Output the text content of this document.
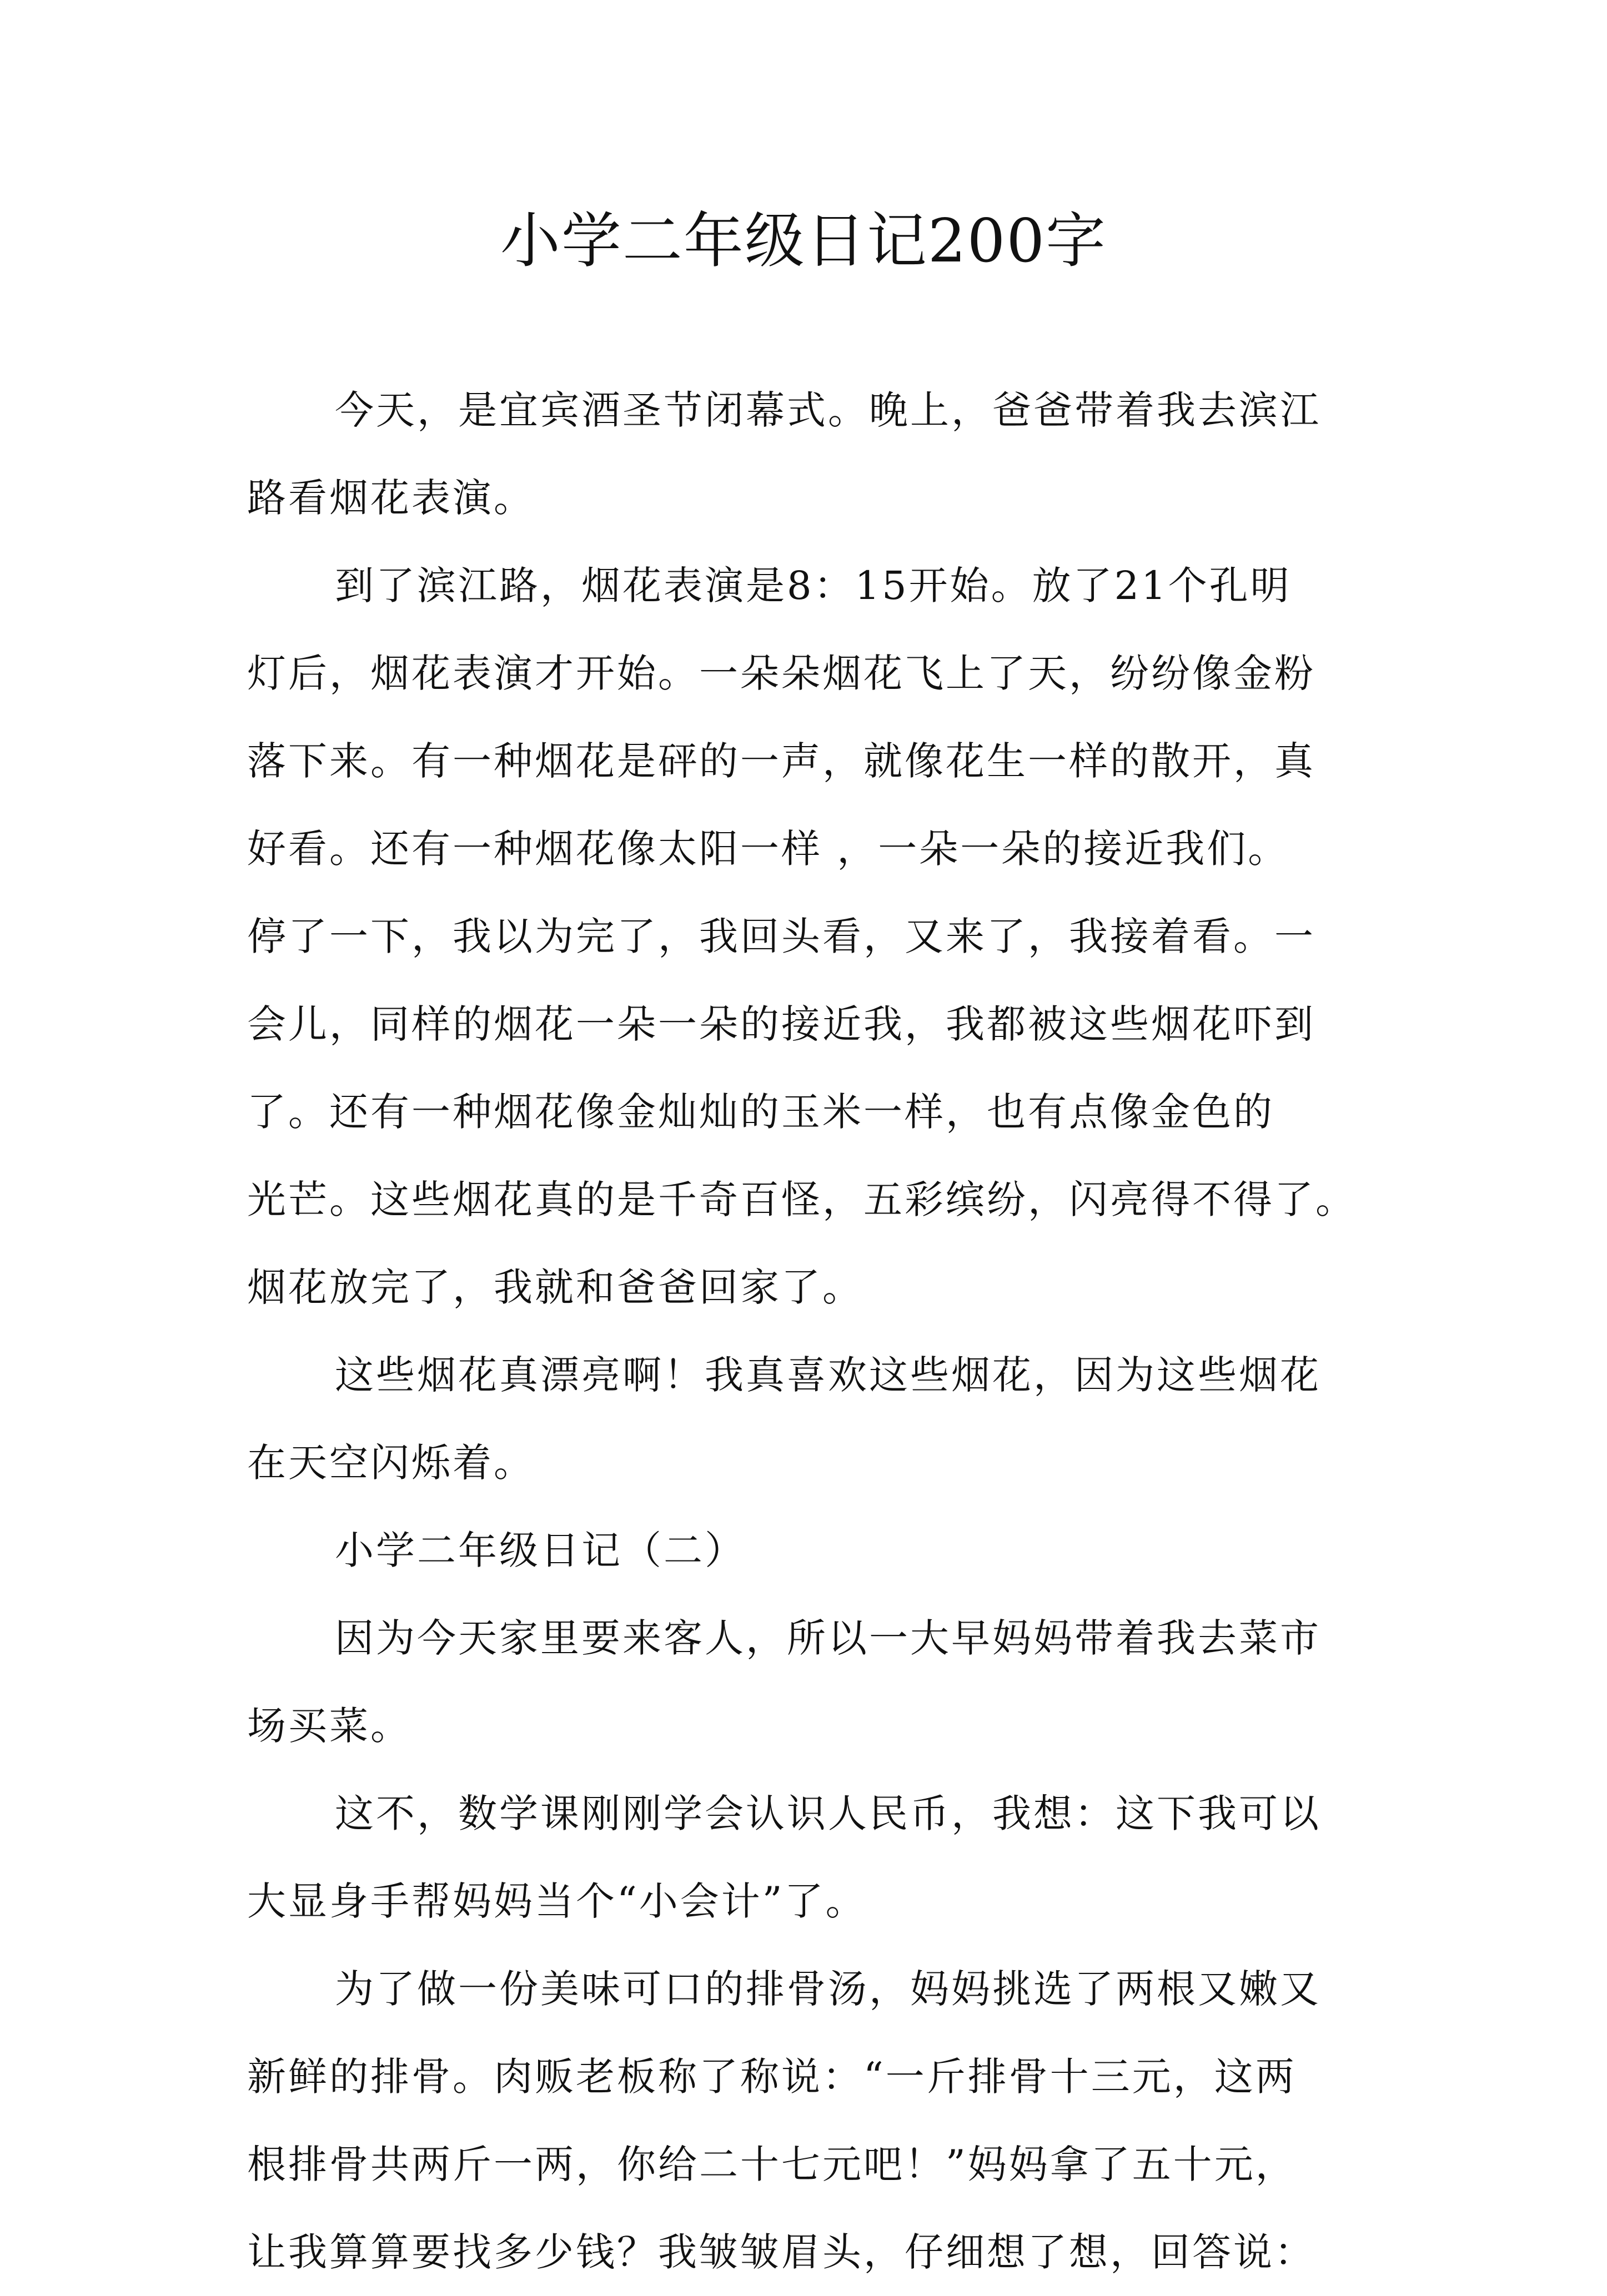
小学二年级日记200字
今天，是宜宾酒圣节闭幕式。晚上，爸爸带着我去滨江
路看烟花表演。
到了滨江路，烟花表演是8：15开始。放了21个孔明
灯后，烟花表演才开始。一朵朵烟花飞上了天，纷纷像金粉
落下来。有一种烟花是砰的一声，就像花生一样的散开，真
好看。还有一种烟花像太阳一样 ，一朵一朵的接近我们。
停了一下，我以为完了，我回头看，又来了，我接着看。一
会儿，同样的烟花一朵一朵的接近我，我都被这些烟花吓到
了。还有一种烟花像金灿灿的玉米一样，也有点像金色的
光芒。这些烟花真的是千奇百怪，五彩缤纷，闪亮得不得了。
烟花放完了，我就和爸爸回家了。
这些烟花真漂亮啊！我真喜欢这些烟花，因为这些烟花
在天空闪烁着。
小学二年级日记（二）
因为今天家里要来客人，所以一大早妈妈带着我去菜市
场买菜。
这不，数学课刚刚学会认识人民币，我想：这下我可以
大显身手帮妈妈当个“小会计”了。
为了做一份美味可口的排骨汤，妈妈挑选了两根又嫩又
新鲜的排骨。肉贩老板称了称说：“一斤排骨十三元，这两
根排骨共两斤一两，你给二十七元吧！”妈妈拿了五十元，
让我算算要找多少钱？我皱皱眉头，仔细想了想，回答说：
